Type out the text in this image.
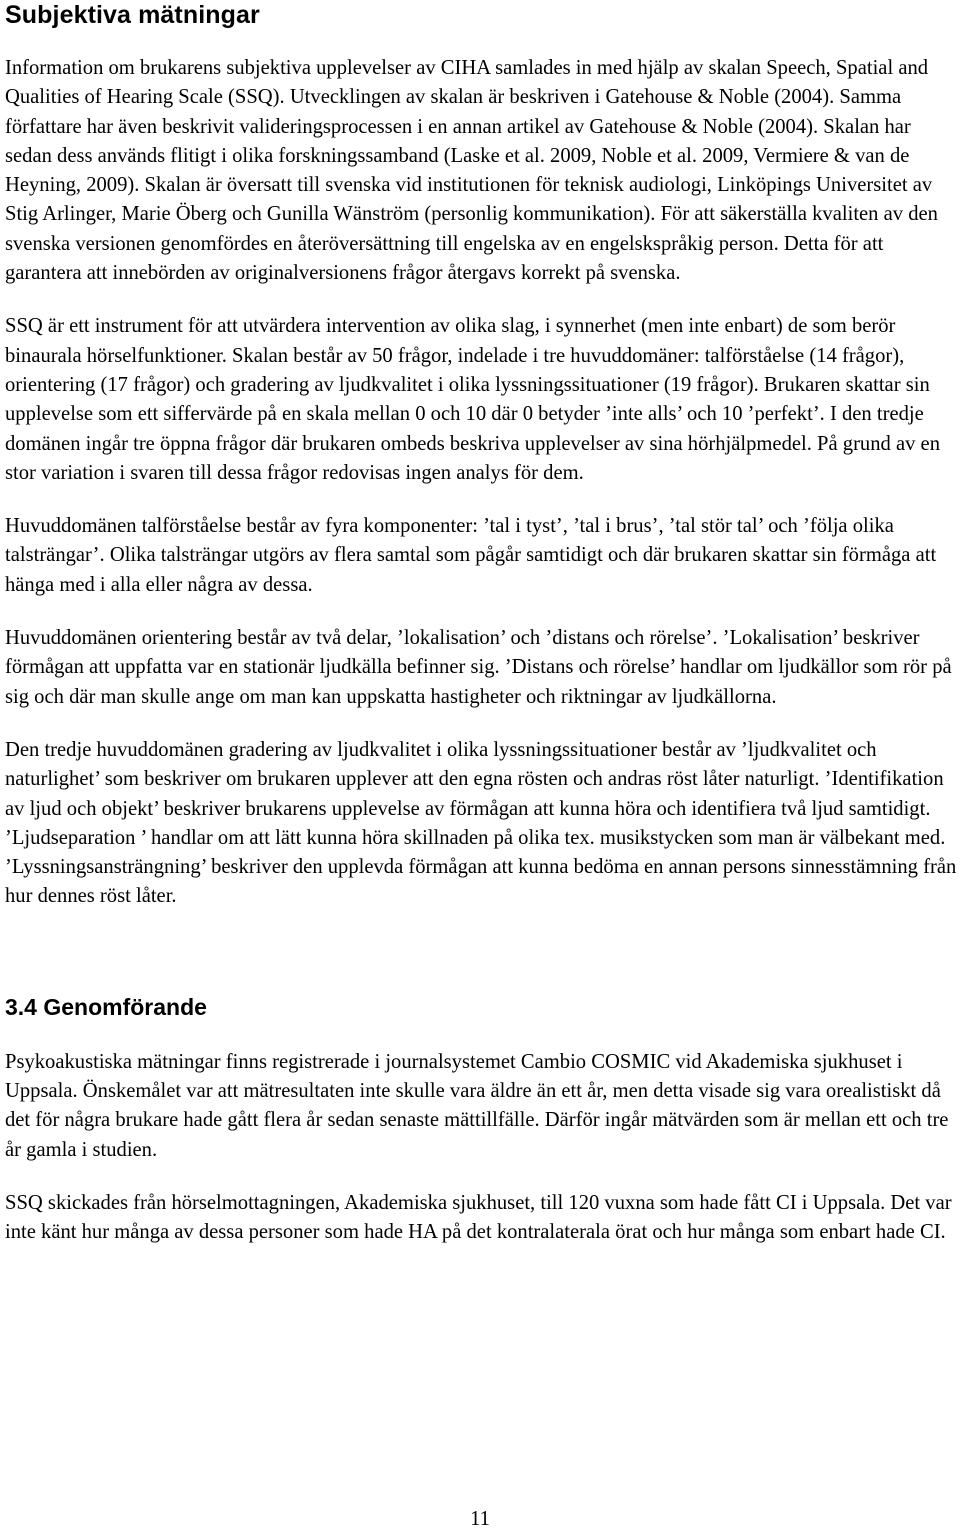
Subjektiva mätningar

Information om brukarens subjektiva upplevelser av CIHA samlades in med hjälp av skalan Speech, Spatial and Qualities of Hearing Scale (SSQ). Utvecklingen av skalan är beskriven i Gatehouse & Noble (2004). Samma författare har även beskrivit valideringsprocessen i en annan artikel av Gatehouse & Noble (2004). Skalan har sedan dess används flitigt i olika forskningssamband (Laske et al. 2009, Noble et al. 2009, Vermiere & van de Heyning, 2009). Skalan är översatt till svenska vid institutionen för teknisk audiologi, Linköpings Universitet av Stig Arlinger, Marie Öberg och Gunilla Wänström (personlig kommunikation). För att säkerställa kvaliten av den svenska versionen genomfördes en återöversättning till engelska av en engelskspråkig person. Detta för att garantera att innebörden av originalversionens frågor återgavs korrekt på svenska.

SSQ är ett instrument för att utvärdera intervention av olika slag, i synnerhet (men inte enbart) de som berör binaurala hörselfunktioner. Skalan består av 50 frågor, indelade i tre huvuddomäner: talförståelse (14 frågor), orientering (17 frågor) och gradering av ljudkvalitet i olika lyssningssituationer (19 frågor). Brukaren skattar sin upplevelse som ett siffervärde på en skala mellan 0 och 10 där 0 betyder ’inte alls’ och 10 ’perfekt’. I den tredje domänen ingår tre öppna frågor där brukaren ombeds beskriva upplevelser av sina hörhjälpmedel. På grund av en stor variation i svaren till dessa frågor redovisas ingen analys för dem.

Huvuddomänen talförståelse består av fyra komponenter: ’tal i tyst’, ’tal i brus’, ’tal stör tal’ och ’följa olika talsträngar’. Olika talsträngar utgörs av flera samtal som pågår samtidigt och där brukaren skattar sin förmåga att hänga med i alla eller några av dessa.

Huvuddomänen orientering består av två delar, ’lokalisation’ och ’distans och rörelse’. ’Lokalisation’ beskriver förmågan att uppfatta var en stationär ljudkälla befinner sig. ’Distans och rörelse’ handlar om ljudkällor som rör på sig och där man skulle ange om man kan uppskatta hastigheter och riktningar av ljudkällorna.

Den tredje huvuddomänen gradering av ljudkvalitet i olika lyssningssituationer består av ’ljudkvalitet och naturlighet’ som beskriver om brukaren upplever att den egna rösten och andras röst låter naturligt. ’Identifikation av ljud och objekt’ beskriver brukarens upplevelse av förmågan att kunna höra och identifiera två ljud samtidigt. ’Ljudseparation ’ handlar om att lätt kunna höra skillnaden på olika tex. musikstycken som man är välbekant med. ’Lyssningsansträngning’ beskriver den upplevda förmågan att kunna bedöma en annan persons sinnesstämning från hur dennes röst låter.

3.4 Genomförande

Psykoakustiska mätningar finns registrerade i journalsystemet Cambio COSMIC vid Akademiska sjukhuset i Uppsala. Önskemålet var att mätresultaten inte skulle vara äldre än ett år, men detta visade sig vara orealistiskt då det för några brukare hade gått flera år sedan senaste mättillfälle. Därför ingår mätvärden som är mellan ett och tre år gamla i studien.

SSQ skickades från hörselmottagningen, Akademiska sjukhuset, till 120 vuxna som hade fått CI i Uppsala. Det var inte känt hur många av dessa personer som hade HA på det kontralaterala örat och hur många som enbart hade CI.

11
